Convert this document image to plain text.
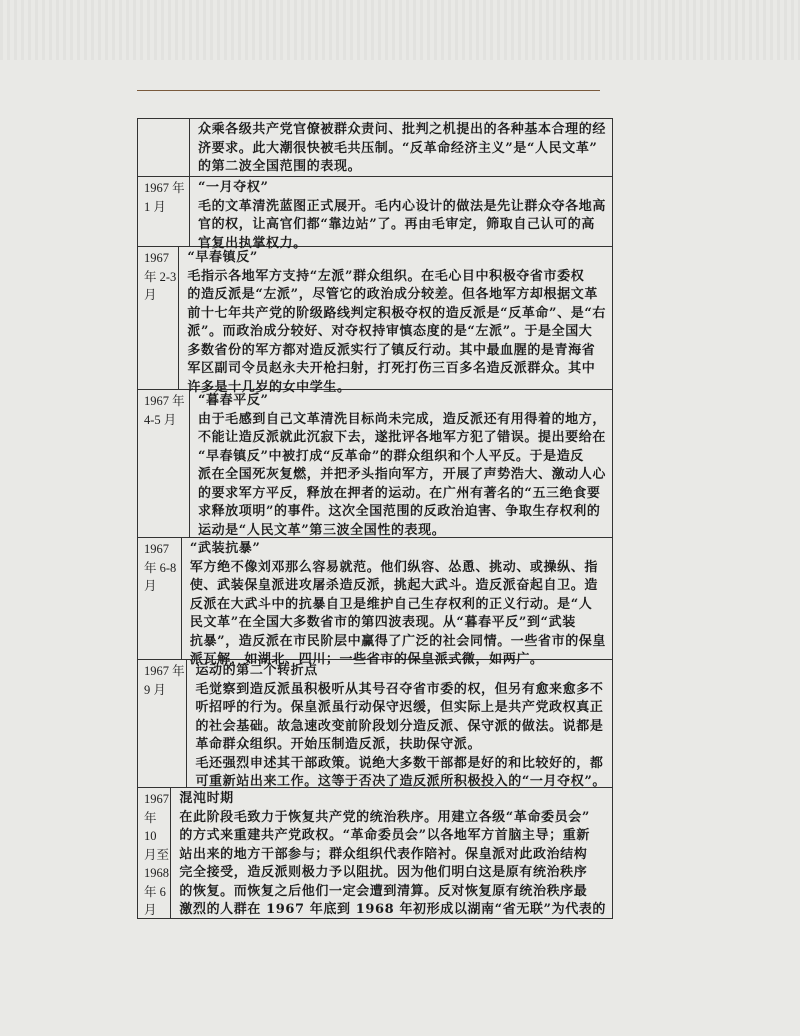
众乘各级共产党官僚被群众责问、批判之机提出的各种基本合理的经
济要求。此大潮很快被毛共压制。“反革命经济主义”是“人民文革”
的第二波全国范围的表现。
1967 年 1 月
“一月夺权”
毛的文革清洗蓝图正式展开。毛内心设计的做法是先让群众夺各地高
官的权，让高官们都“靠边站”了。再由毛审定，筛取自己认可的高
官复出执掌权力。
1967 年 2-3 月
“早春镇反”
毛指示各地军方支持“左派”群众组织。在毛心目中积极夺省市委权
的造反派是“左派”，尽管它的政治成分较差。但各地军方却根据文革
前十七年共产党的阶级路线判定积极夺权的造反派是“反革命”、是“右
派”。而政治成分较好、对夺权持审慎态度的是“左派”。于是全国大
多数省份的军方都对造反派实行了镇反行动。其中最血腥的是青海省
军区副司令员赵永夫开枪扫射，打死打伤三百多名造反派群众。其中
许多是十几岁的女中学生。
1967 年 4-5 月
“暮春平反”
由于毛感到自己文革清洗目标尚未完成，造反派还有用得着的地方，
不能让造反派就此沉寂下去，遂批评各地军方犯了错误。提出要给在
“早春镇反”中被打成“反革命”的群众组织和个人平反。于是造反
派在全国死灰复燃，并把矛头指向军方，开展了声势浩大、激动人心
的要求军方平反，释放在押者的运动。在广州有著名的“五三绝食要
求释放项明”的事件。这次全国范围的反政治迫害、争取生存权利的
运动是“人民文革”第三波全国性的表现。
1967 年 6-8 月
“武装抗暴”
军方绝不像刘邓那么容易就范。他们纵容、怂恿、挑动、或操纵、指
使、武装保皇派进攻屠杀造反派，挑起大武斗。造反派奋起自卫。造
反派在大武斗中的抗暴自卫是维护自己生存权利的正义行动。是“人
民文革”在全国大多数省市的第四波表现。从“暮春平反”到“武装
抗暴”，造反派在市民阶层中赢得了广泛的社会同情。一些省市的保皇
派瓦解，如湖北、四川；一些省市的保皇派式微，如两广。
1967 年 9 月
运动的第二个转折点
毛觉察到造反派虽积极听从其号召夺省市委的权，但另有愈来愈多不
听招呼的行为。保皇派虽行动保守迟缓，但实际上是共产党政权真正
的社会基础。故急速改变前阶段划分造反派、保守派的做法。说都是
革命群众组织。开始压制造反派，扶助保守派。
毛还强烈申述其干部政策。说绝大多数干部都是好的和比较好的，都
可重新站出来工作。这等于否决了造反派所积极投入的“一月夺权”。
1967 年 10 月至
1968 年 6 月
混沌时期
在此阶段毛致力于恢复共产党的统治秩序。用建立各级“革命委员会”
的方式来重建共产党政权。“革命委员会”以各地军方首脑主导；重新
站出来的地方干部参与；群众组织代表作陪衬。保皇派对此政治结构
完全接受，造反派则极力予以阻扰。因为他们明白这是原有统治秩序
的恢复。而恢复之后他们一定会遭到清算。反对恢复原有统治秩序最
激烈的人群在 1967 年底到 1968 年初形成以湖南“省无联”为代表的
